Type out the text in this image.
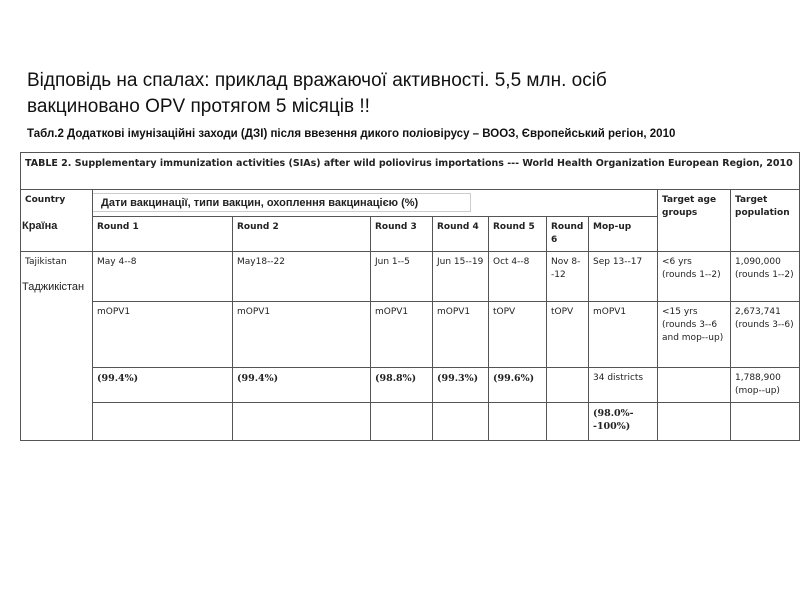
Відповідь на спалах: приклад вражаючої активності. 5,5 млн. осіб
вакциновано OPV протягом 5 місяців !!
Табл.2 Додаткові імунізаційні заходи (ДЗІ) після ввезення дикого поліовірусу – ВООЗ, Європейський регіон, 2010
TABLE 2. Supplementary immunization activities (SIAs) after wild poliovirus importations --- World Health Organization European Region, 2010									
Country								Target age groups	Target population
Країна	Round 1	Round 2	Round 3	Round 4	Round 5	Round 6	Mop-up		

Tajikistan
Таджикістан	May 4--8	May18--22	Jun 1--5	Jun 15--19	Oct 4--8	Nov 8--12	Sep 13--17	<6 yrs (rounds 1--2)	1,090,000 (rounds 1--2)
	mOPV1	mOPV1	mOPV1	mOPV1	tOPV	tOPV	mOPV1	<15 yrs (rounds 3--6 and mop--up)	2,673,741 (rounds 3--6)
	(99.4%)	(99.4%)	(98.8%)	(99.3%)	(99.6%)		34 districts		1,788,900 (mop--up)
							(98.0%--100%)		
Дати вакцинації, типи вакцин, охоплення вакцинацією (%)
